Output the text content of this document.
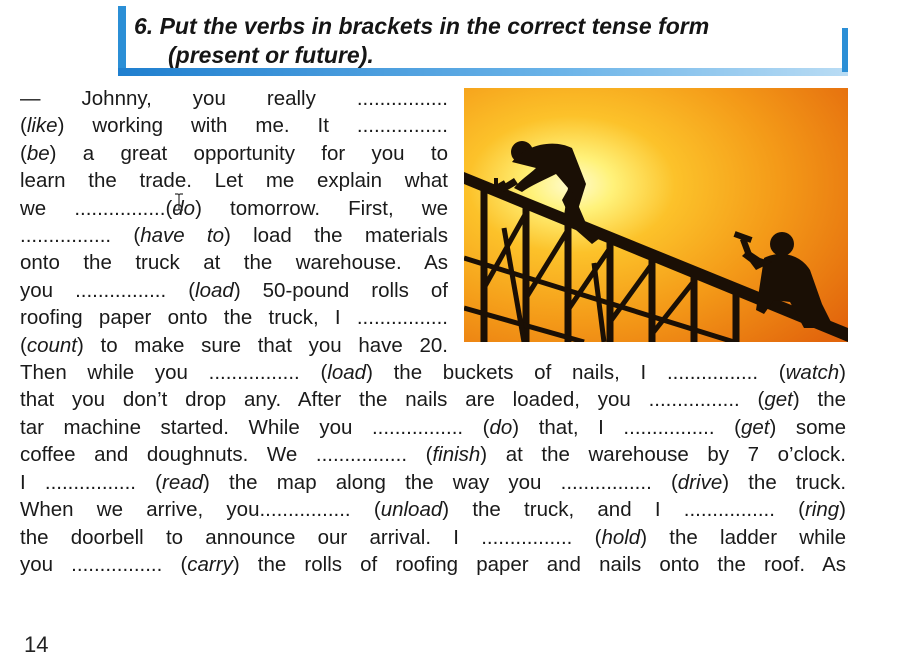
6. Put the verbs in brackets in the correct tense form

(present or future).
— Johnny, you really ................
(like) working with me. It ................
(be) a great opportunity for you to
learn the trade. Let me explain what
we ................(do) tomorrow. First, we
................ (have to) load the materials
onto the truck at the warehouse. As
you ................ (load) 50-pound rolls of
roofing paper onto the truck, I ................
(count) to make sure that you have 20.
Then while you ................ (load) the buckets of nails, I ................ (watch)
that you don’t drop any. After the nails are loaded, you ................ (get) the
tar machine started. While you ................ (do) that, I ................ (get) some
coffee and doughnuts. We ................ (finish) at the warehouse by 7 o’clock.
I ................ (read) the map along the way you ................ (drive) the truck.
When we arrive, you................ (unload) the truck, and I ................ (ring)
the doorbell to announce our arrival. I ................ (hold) the ladder while
you ................ (carry) the rolls of roofing paper and nails onto the roof. As
14
